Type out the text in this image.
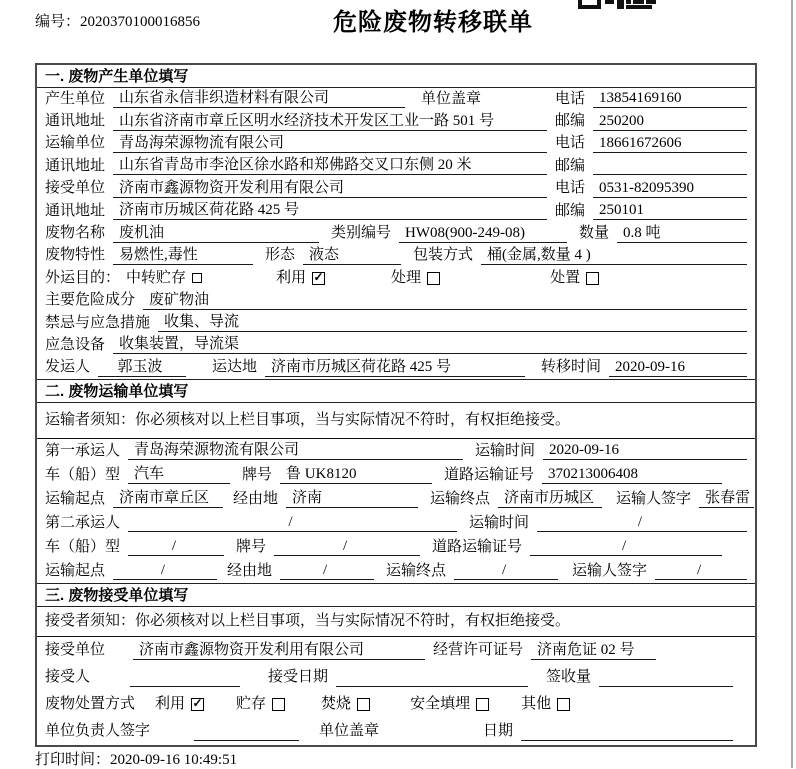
编号：2020370100016856	危险废物转移联单
一. 废物产生单位填写
产生单位 山东省永信非织造材料有限公司	单位盖章	电话 13854169160
通讯地址 山东省济南市章丘区明水经济技术开发区工业一路 501 号	邮编 250200
运输单位 青岛海荣源物流有限公司	电话 18661672606
通讯地址 山东省青岛市李沧区徐水路和郑佛路交叉口东侧 20 米	邮编
接受单位 济南市鑫源物资开发利用有限公司	电话 0531-82095390
通讯地址 济南市历城区荷花路 425 号	邮编 250101
废物名称 废机油	类别编号 HW08(900-249-08)	数量 0.8 吨
废物特性 易燃性,毒性	形态 液态	包装方式 桶(金属,数量 4 )
外运目的： 中转贮存	利用 ✓	处理	处置
主要危险成分 废矿物油
禁忌与应急措施 收集、导流
应急设备 收集装置，导流渠
发运人	郭玉波	运达地 济南市历城区荷花路 425 号	转移时间 2020-09-16
二. 废物运输单位填写
运输者须知：你必须核对以上栏目事项，当与实际情况不符时，有权拒绝接受。
第一承运人 青岛海荣源物流有限公司	运输时间 2020-09-16
车（船）型 汽车	牌号 鲁 UK8120	道路运输证号 370213006408
运输起点 济南市章丘区	经由地 济南	运输终点 济南市历城区	运输人签字 张春雷
第二承运人	/	运输时间	/
车（船）型	/	牌号	/	道路运输证号	/
运输起点	/	经由地	/	运输终点	/	运输人签字	/
三. 废物接受单位填写
接受者须知：你必须核对以上栏目事项，当与实际情况不符时，有权拒绝接受。
接受单位	济南市鑫源物资开发利用有限公司	经营许可证号 济南危证 02 号
接受人	接受日期	签收量
废物处置方式 利用 ✓	贮存	焚烧	安全填埋	其他
单位负责人签字	单位盖章	日期
打印时间：2020-09-16 10:49:51
